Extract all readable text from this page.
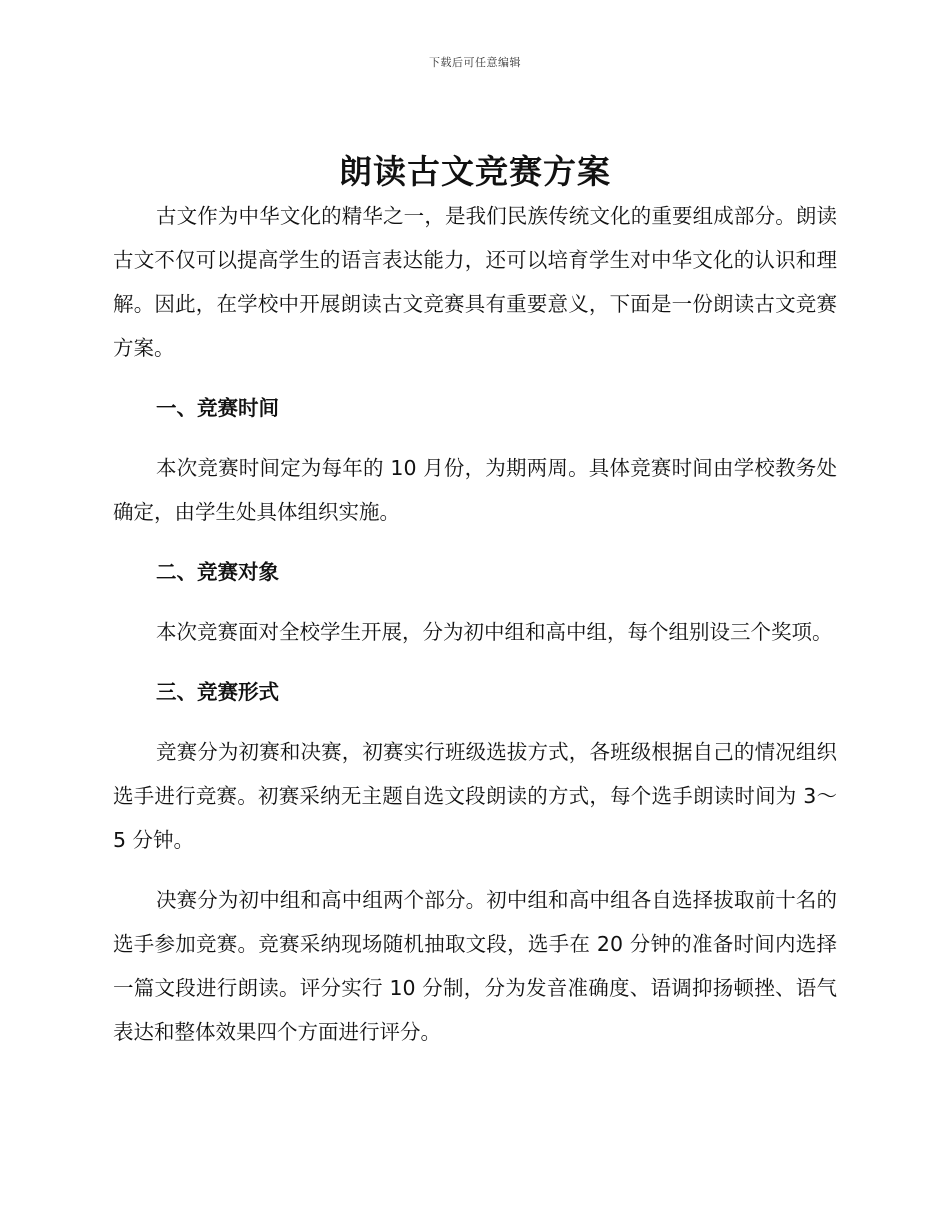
下载后可任意编辑
朗读古文竞赛方案

古文作为中华文化的精华之一，是我们民族传统文化的重要组成部分。朗读古文不仅可以提高学生的语言表达能力，还可以培育学生对中华文化的认识和理解。因此，在学校中开展朗读古文竞赛具有重要意义，下面是一份朗读古文竞赛方案。

一、竞赛时间

本次竞赛时间定为每年的 10 月份，为期两周。具体竞赛时间由学校教务处确定，由学生处具体组织实施。

二、竞赛对象

本次竞赛面对全校学生开展，分为初中组和高中组，每个组别设三个奖项。

三、竞赛形式

竞赛分为初赛和决赛，初赛实行班级选拔方式，各班级根据自己的情况组织选手进行竞赛。初赛采纳无主题自选文段朗读的方式，每个选手朗读时间为 3～5 分钟。

决赛分为初中组和高中组两个部分。初中组和高中组各自选择拔取前十名的选手参加竞赛。竞赛采纳现场随机抽取文段，选手在 20 分钟的准备时间内选择一篇文段进行朗读。评分实行 10 分制，分为发音准确度、语调抑扬顿挫、语气表达和整体效果四个方面进行评分。
